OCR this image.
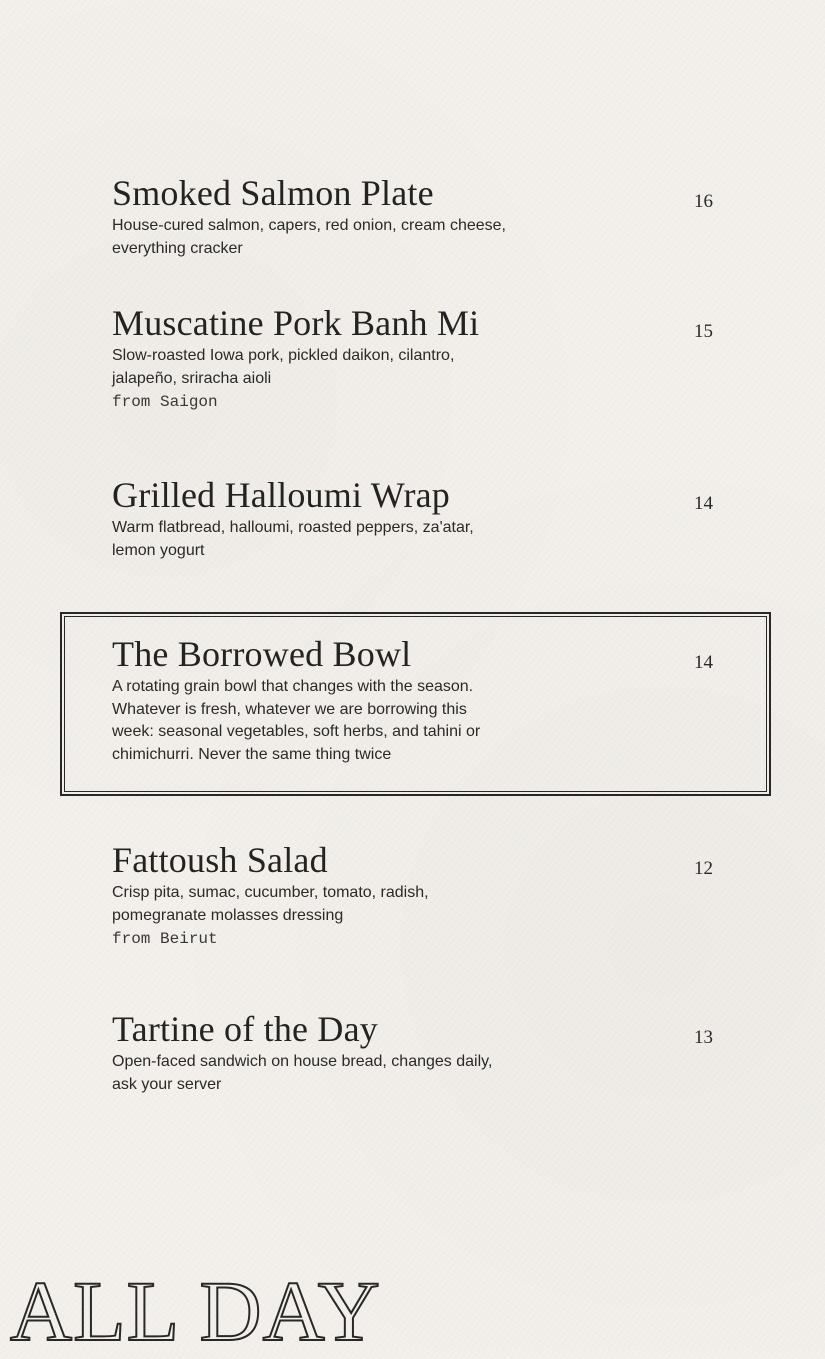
Smoked Salmon Plate
House-cured salmon, capers, red onion, cream cheese, everything cracker
16
Muscatine Pork Banh Mi
Slow-roasted Iowa pork, pickled daikon, cilantro, jalapeño, sriracha aioli
from Saigon
15
Grilled Halloumi Wrap
Warm flatbread, halloumi, roasted peppers, za'atar, lemon yogurt
14
The Borrowed Bowl
A rotating grain bowl that changes with the season. Whatever is fresh, whatever we are borrowing this week: seasonal vegetables, soft herbs, and tahini or chimichurri. Never the same thing twice
14
Fattoush Salad
Crisp pita, sumac, cucumber, tomato, radish, pomegranate molasses dressing
from Beirut
12
Tartine of the Day
Open-faced sandwich on house bread, changes daily, ask your server
13
ALL DAY
